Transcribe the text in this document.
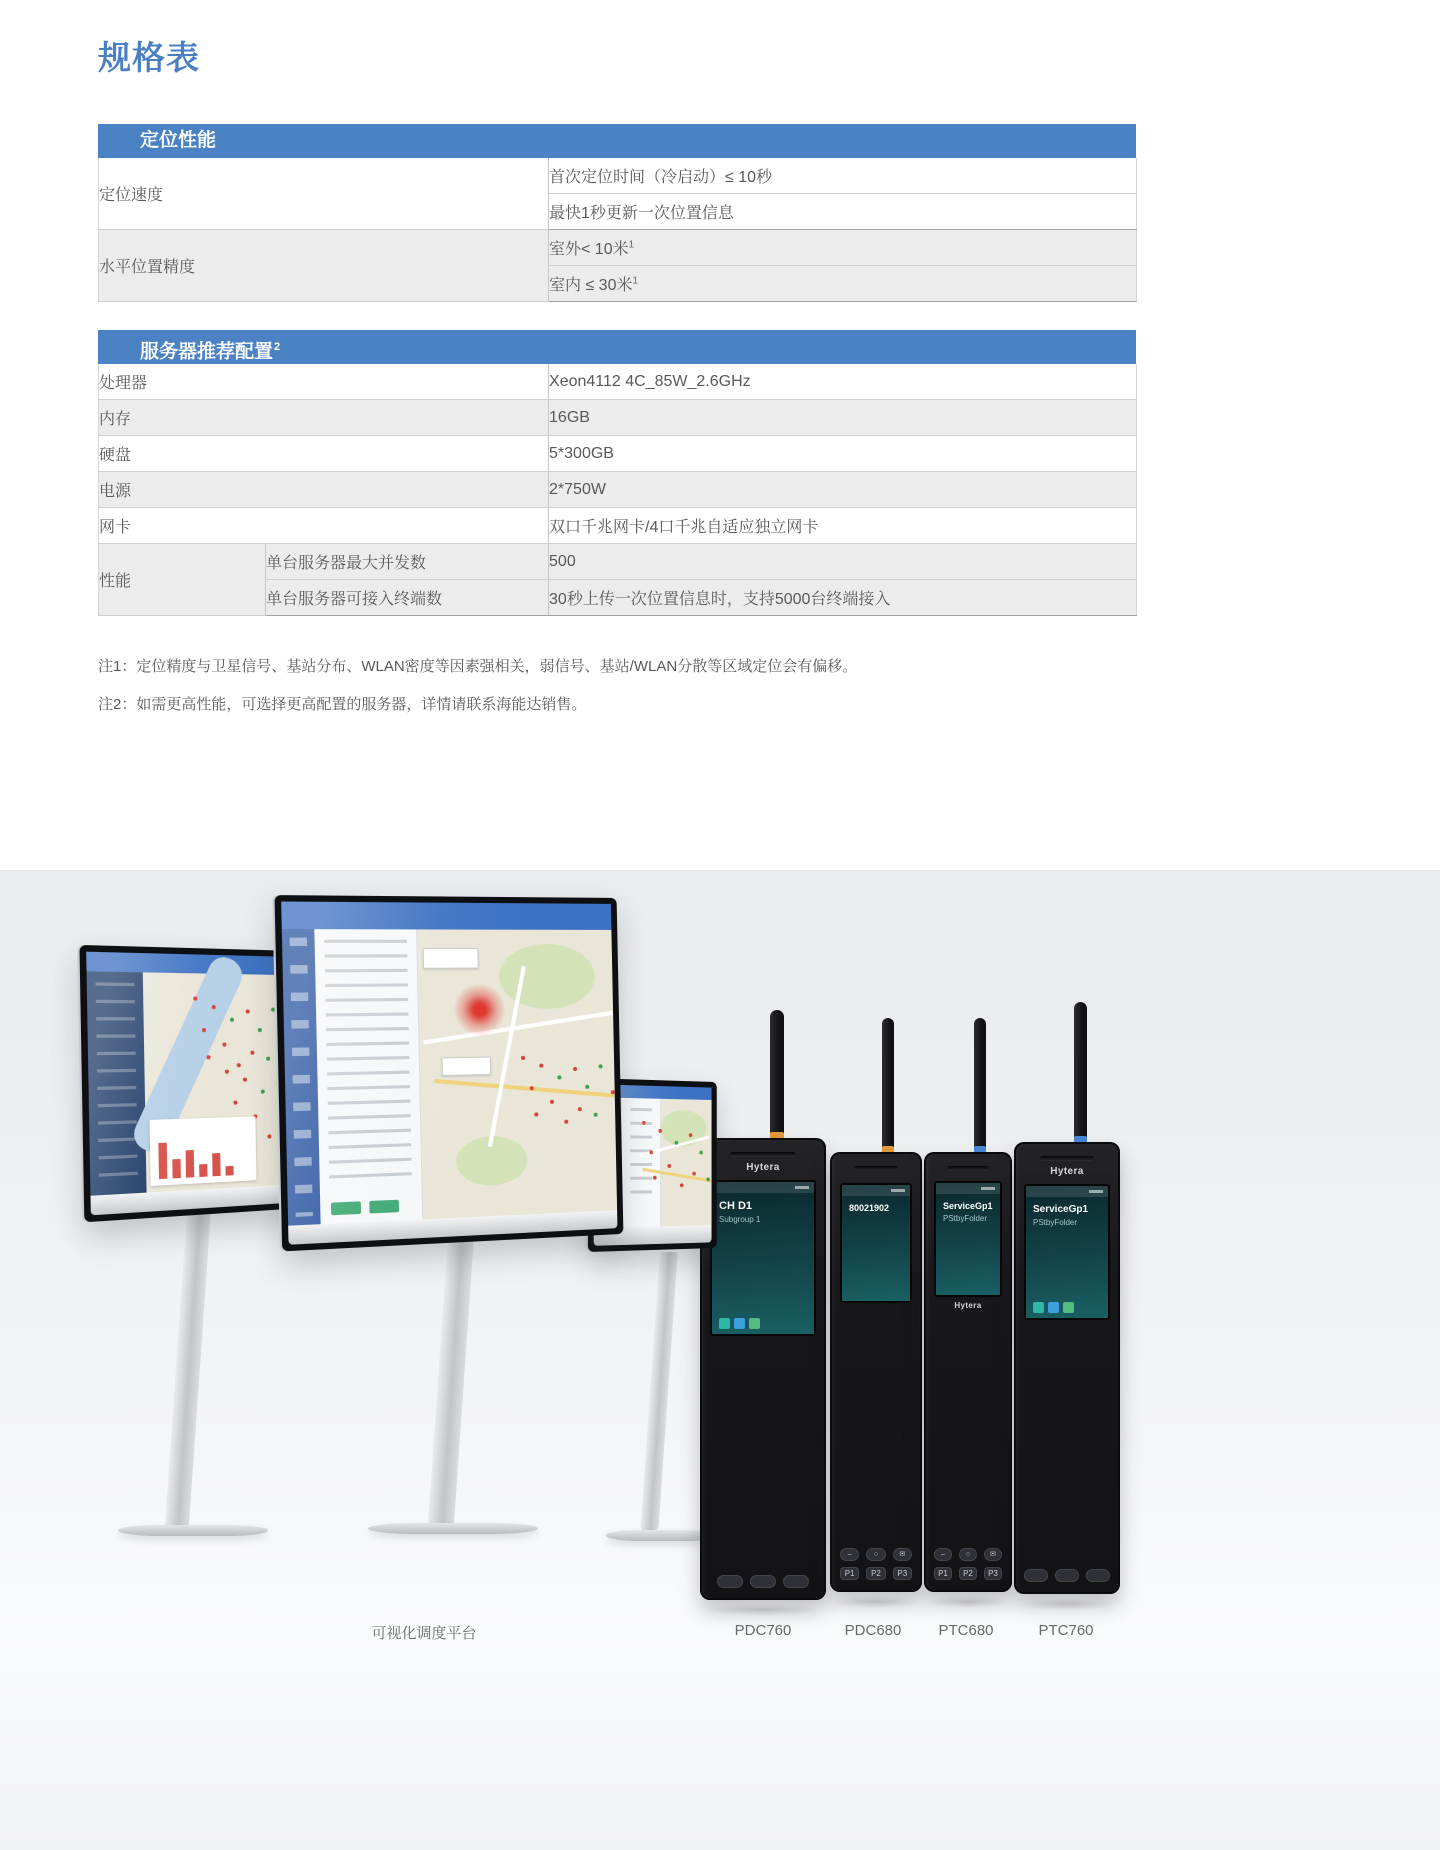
规格表
定位性能
定位速度	首次定位时间（冷启动）≤ 10秒
	最快1秒更新一次位置信息
水平位置精度	室外< 10米$^1$
	室内 ≤ 30米$^1$
服务器推荐配置$^2$
处理器		Xeon4112 4C_85W_2.6GHz
内存		16GB
硬盘		5*300GB
电源		2*750W
网卡		双口千兆网卡/4口千兆自适应独立网卡
性能	单台服务器最大并发数	500
	单台服务器可接入终端数	30秒上传一次位置信息时，支持5000台终端接入
注1：定位精度与卫星信号、基站分布、WLAN密度等因素强相关，弱信号、基站/WLAN分散等区域定位会有偏移。
注2：如需更高性能，可选择更高配置的服务器，详情请联系海能达销售。
Hytera
CH D1
Subgroup 1
80021902
‒	○	✉
P1	P2	P3
ServiceGp1
PStbyFolder
Hytera
‒	○	✉
P1	P2	P3
Hytera
ServiceGp1
PStbyFolder
可视化调度平台	PDC760	PDC680 PTC680	PTC760
